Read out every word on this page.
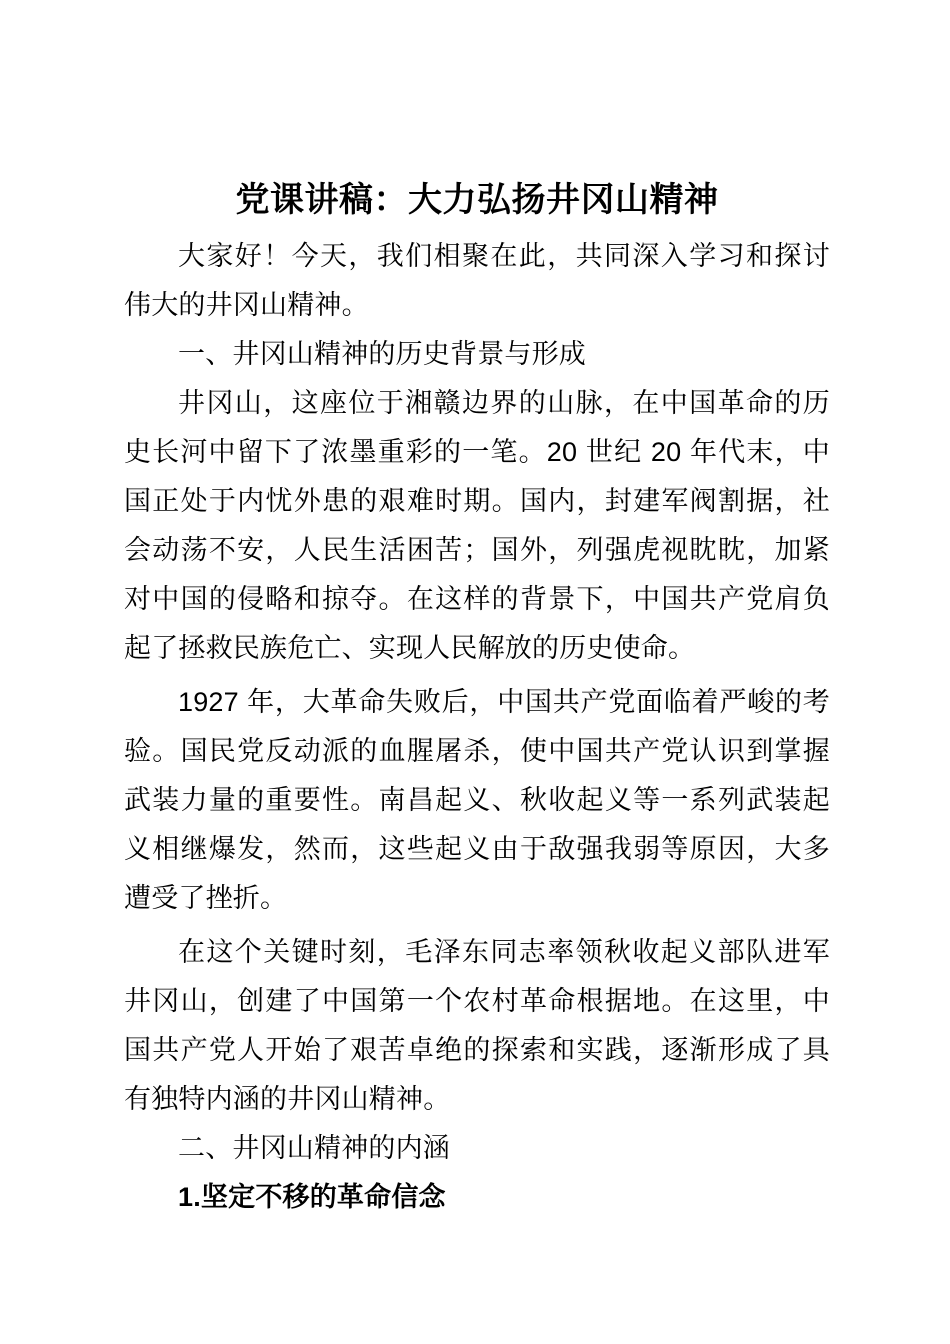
党课讲稿：大力弘扬井冈山精神

大家好！今天，我们相聚在此，共同深入学习和探讨伟大的井冈山精神。

一、井冈山精神的历史背景与形成

井冈山，这座位于湘赣边界的山脉，在中国革命的历史长河中留下了浓墨重彩的一笔。20 世纪 20 年代末，中国正处于内忧外患的艰难时期。国内，封建军阀割据，社会动荡不安，人民生活困苦；国外，列强虎视眈眈，加紧对中国的侵略和掠夺。在这样的背景下，中国共产党肩负起了拯救民族危亡、实现人民解放的历史使命。

1927 年，大革命失败后，中国共产党面临着严峻的考验。国民党反动派的血腥屠杀，使中国共产党认识到掌握武装力量的重要性。南昌起义、秋收起义等一系列武装起义相继爆发，然而，这些起义由于敌强我弱等原因，大多遭受了挫折。

在这个关键时刻，毛泽东同志率领秋收起义部队进军井冈山，创建了中国第一个农村革命根据地。在这里，中国共产党人开始了艰苦卓绝的探索和实践，逐渐形成了具有独特内涵的井冈山精神。

二、井冈山精神的内涵

1.坚定不移的革命信念
